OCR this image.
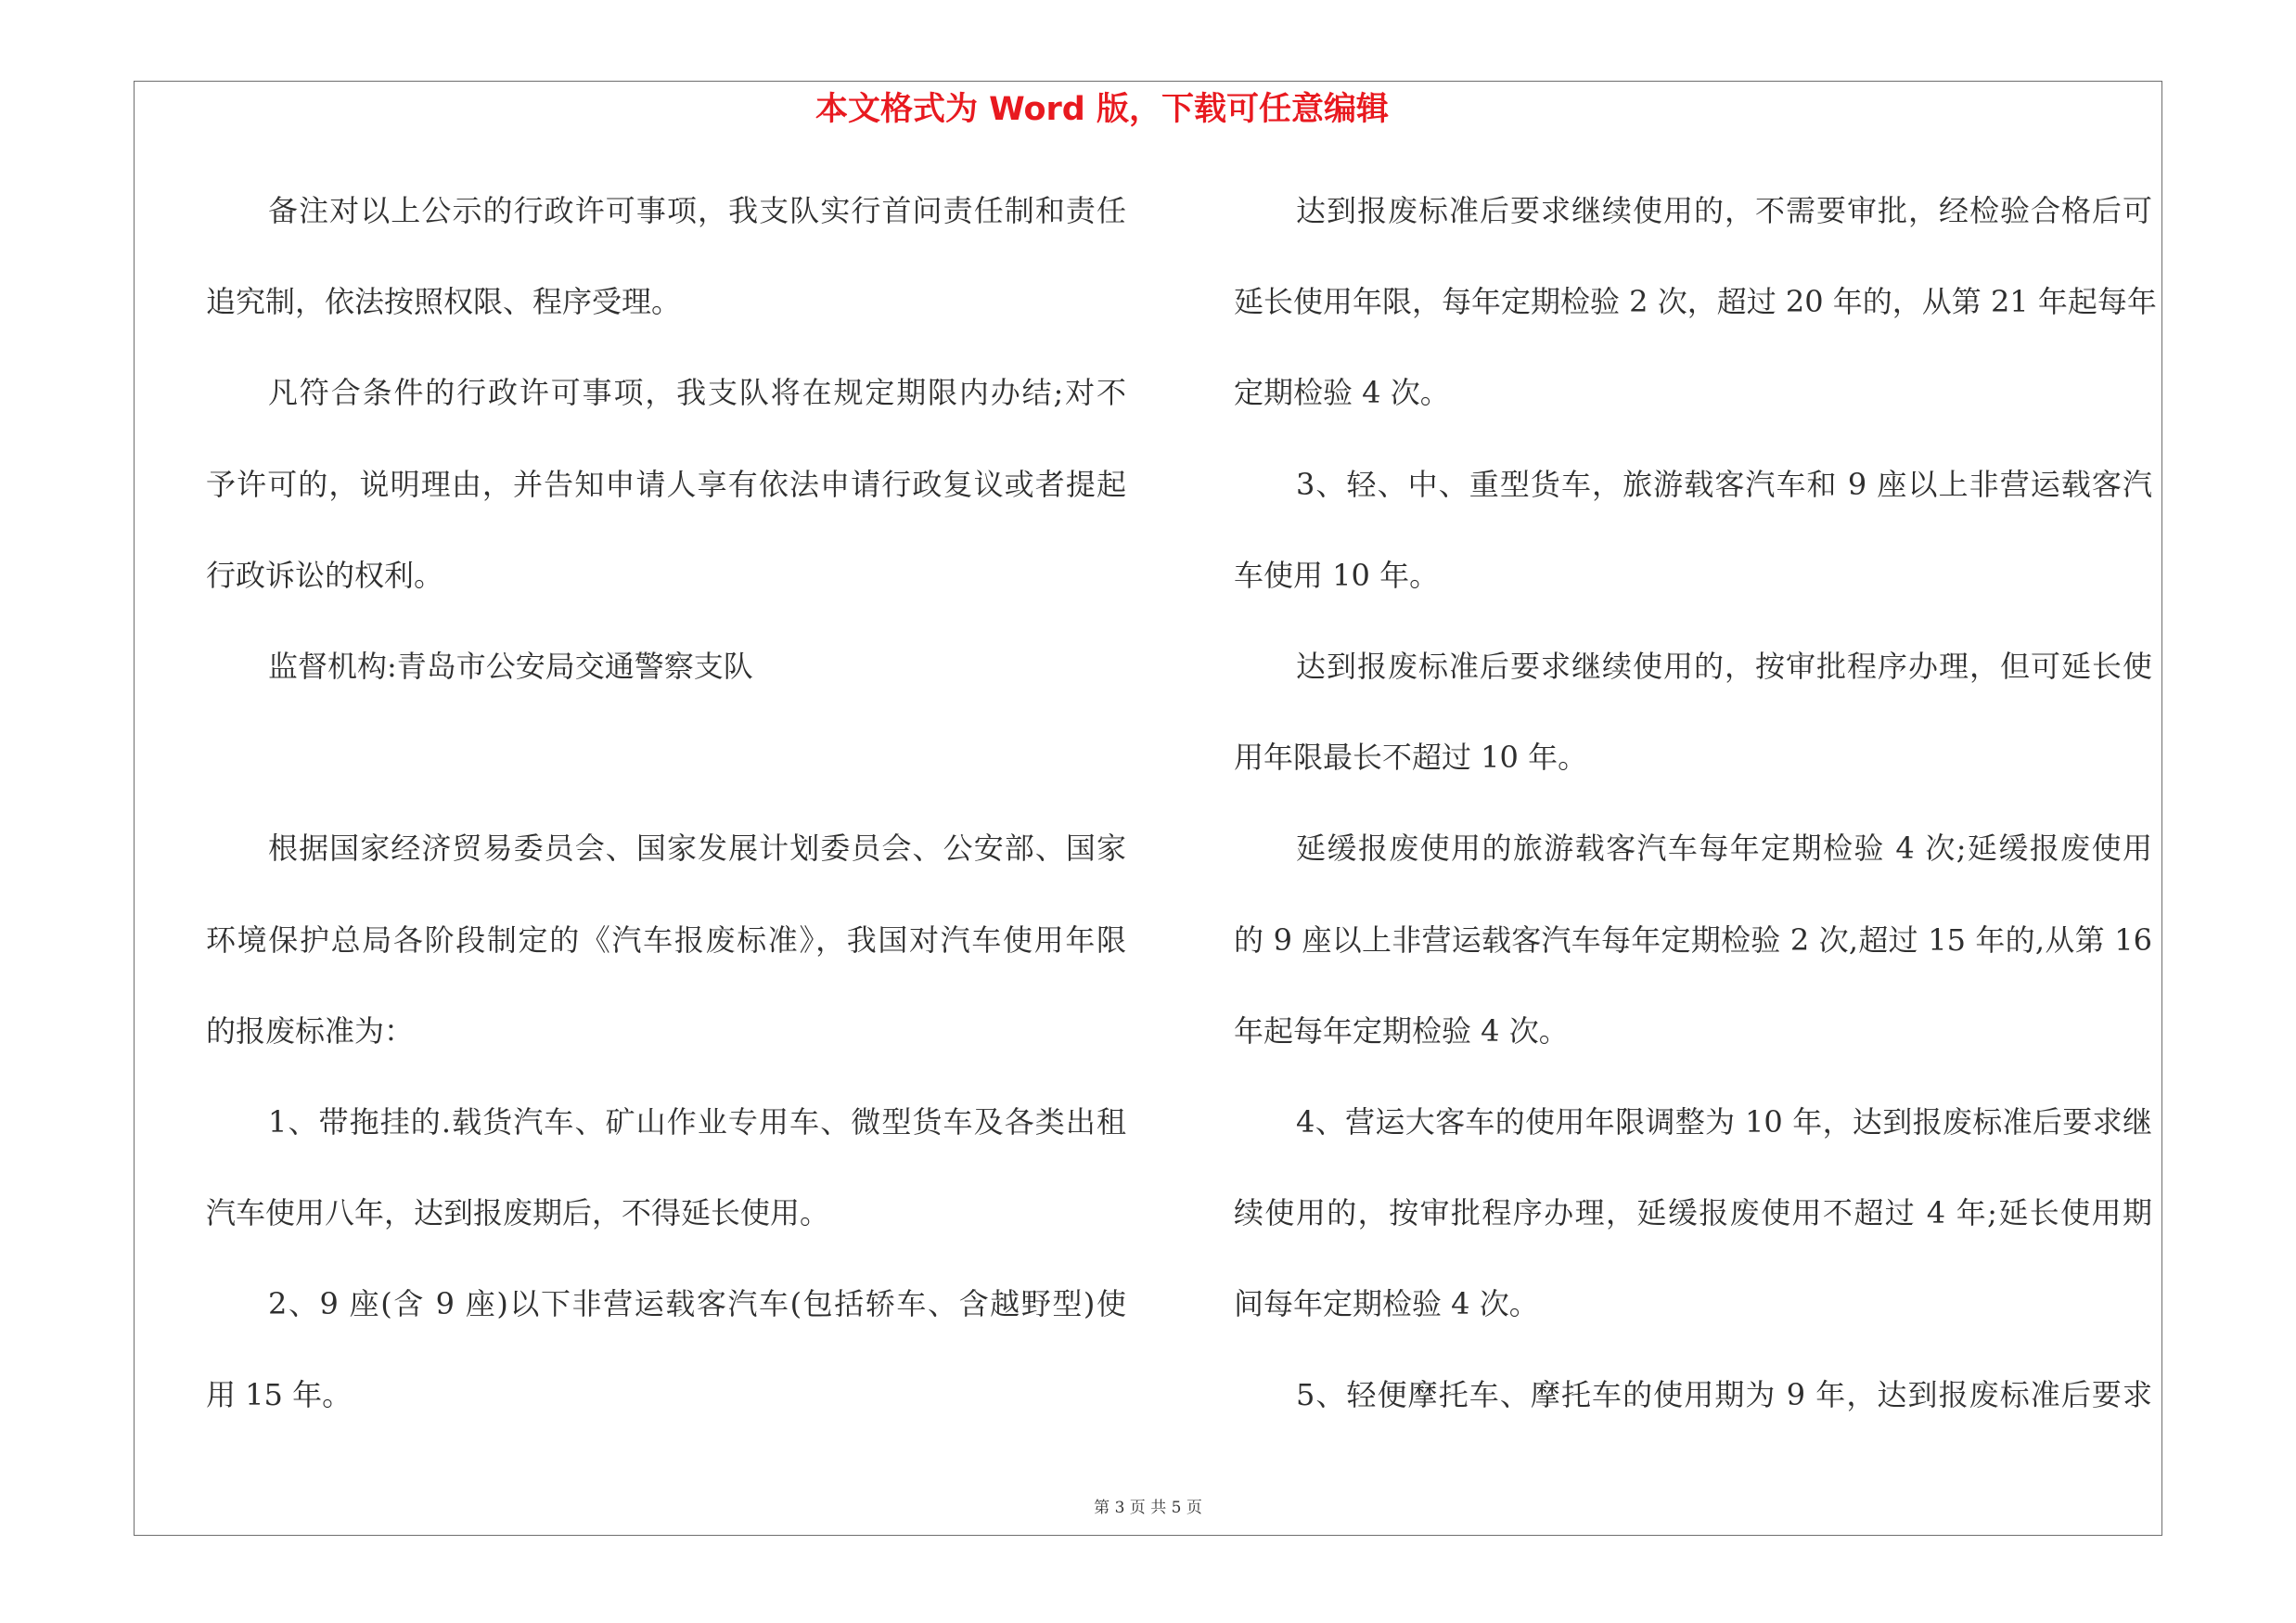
本文格式为 Word 版，下载可任意编辑
备注对以上公示的行政许可事项，我支队实行首问责任制和责任
追究制，依法按照权限、程序受理。
凡符合条件的行政许可事项，我支队将在规定期限内办结;对不
予许可的，说明理由，并告知申请人享有依法申请行政复议或者提起
行政诉讼的权利。
监督机构:青岛市公安局交通警察支队
根据国家经济贸易委员会、国家发展计划委员会、公安部、国家
环境保护总局各阶段制定的《汽车报废标准》，我国对汽车使用年限
的报废标准为：
1、带拖挂的.载货汽车、矿山作业专用车、微型货车及各类出租
汽车使用八年，达到报废期后，不得延长使用。
2、9 座(含 9 座)以下非营运载客汽车(包括轿车、含越野型)使
用 15 年。
达到报废标准后要求继续使用的，不需要审批，经检验合格后可
延长使用年限，每年定期检验 2 次，超过 20 年的，从第 21 年起每年
定期检验 4 次。
3、轻、中、重型货车，旅游载客汽车和 9 座以上非营运载客汽
车使用 10 年。
达到报废标准后要求继续使用的，按审批程序办理，但可延长使
用年限最长不超过 10 年。
延缓报废使用的旅游载客汽车每年定期检验 4 次;延缓报废使用
的 9 座以上非营运载客汽车每年定期检验 2 次,超过 15 年的,从第 16
年起每年定期检验 4 次。
4、营运大客车的使用年限调整为 10 年，达到报废标准后要求继
续使用的，按审批程序办理，延缓报废使用不超过 4 年;延长使用期
间每年定期检验 4 次。
5、轻便摩托车、摩托车的使用期为 9 年，达到报废标准后要求
第 3 页 共 5 页
